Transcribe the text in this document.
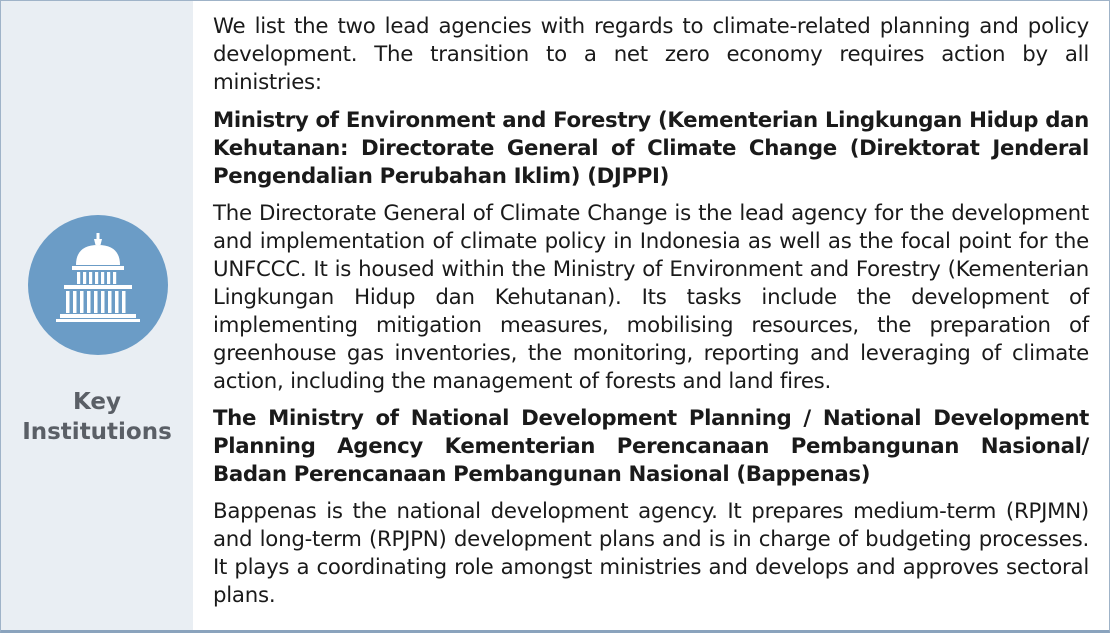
Key
Institutions

We list the two lead agencies with regards to climate-related planning and policy development. The transition to a net zero economy requires action by all ministries:

Ministry of Environment and Forestry (Kementerian Lingkungan Hidup dan Kehutanan: Directorate General of Climate Change (Direktorat Jenderal Pengendalian Perubahan Iklim) (DJPPI)

The Directorate General of Climate Change is the lead agency for the development and implementation of climate policy in Indonesia as well as the focal point for the UNFCCC. It is housed within the Ministry of Environment and Forestry (Kementerian Lingkungan Hidup dan Kehutanan). Its tasks include the development of implementing mitigation measures, mobilising resources, the preparation of greenhouse gas inventories, the monitoring, reporting and leveraging of climate action, including the management of forests and land fires.

The Ministry of National Development Planning / National Development Planning Agency Kementerian Perencanaan Pembangunan Nasional/ Badan Perencanaan Pembangunan Nasional (Bappenas)

Bappenas is the national development agency. It prepares medium-term (RPJMN) and long-term (RPJPN) development plans and is in charge of budgeting processes. It plays a coordinating role amongst ministries and develops and approves sectoral plans.
